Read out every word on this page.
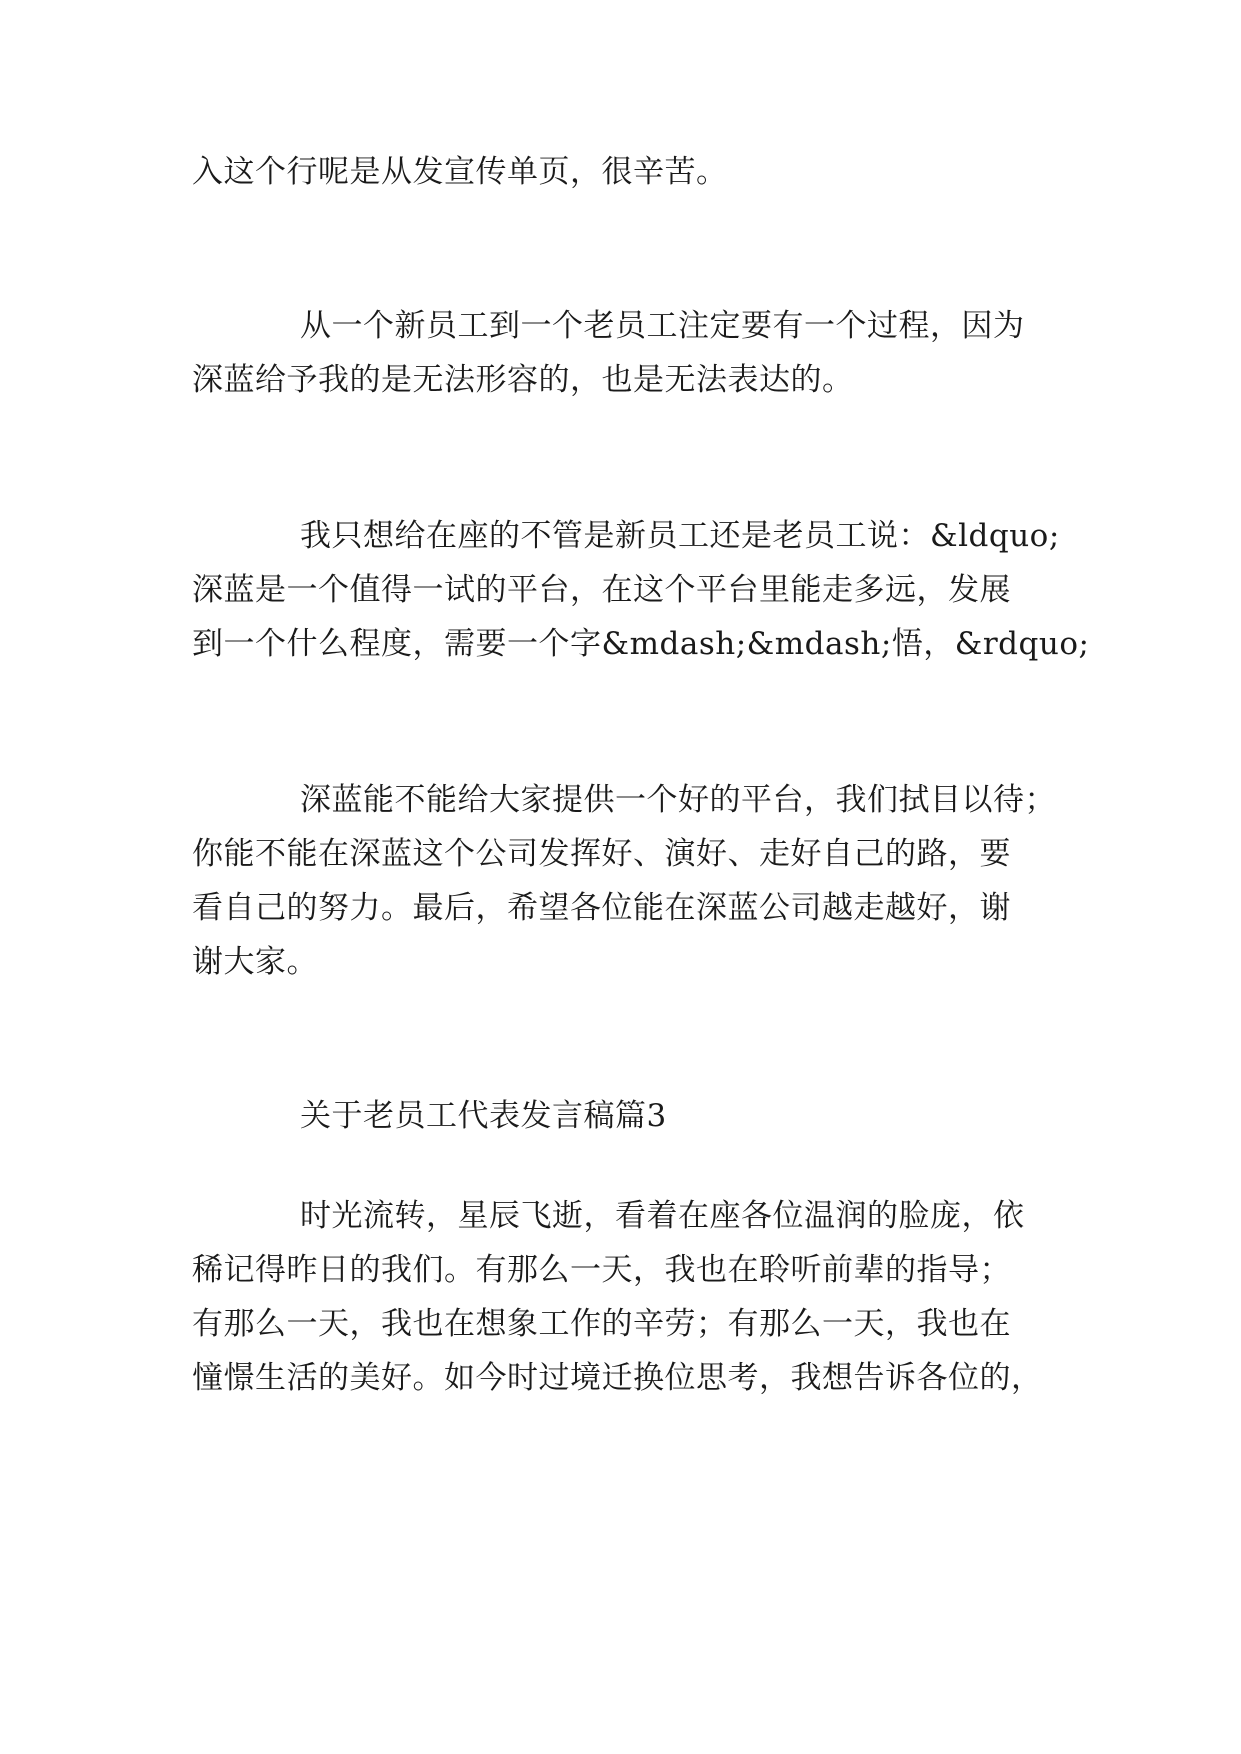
入这个行呢是从发宣传单页，很辛苦。
从一个新员工到一个老员工注定要有一个过程，因为
深蓝给予我的是无法形容的，也是无法表达的。
我只想给在座的不管是新员工还是老员工说：&ldquo;
深蓝是一个值得一试的平台，在这个平台里能走多远，发展
到一个什么程度，需要一个字&mdash;&mdash;悟，&rdquo;
深蓝能不能给大家提供一个好的平台，我们拭目以待；
你能不能在深蓝这个公司发挥好、演好、走好自己的路，要
看自己的努力。最后，希望各位能在深蓝公司越走越好，谢
谢大家。
关于老员工代表发言稿篇3
时光流转，星辰飞逝，看着在座各位温润的脸庞，依
稀记得昨日的我们。有那么一天，我也在聆听前辈的指导；
有那么一天，我也在想象工作的辛劳；有那么一天，我也在
憧憬生活的美好。如今时过境迁换位思考，我想告诉各位的，
